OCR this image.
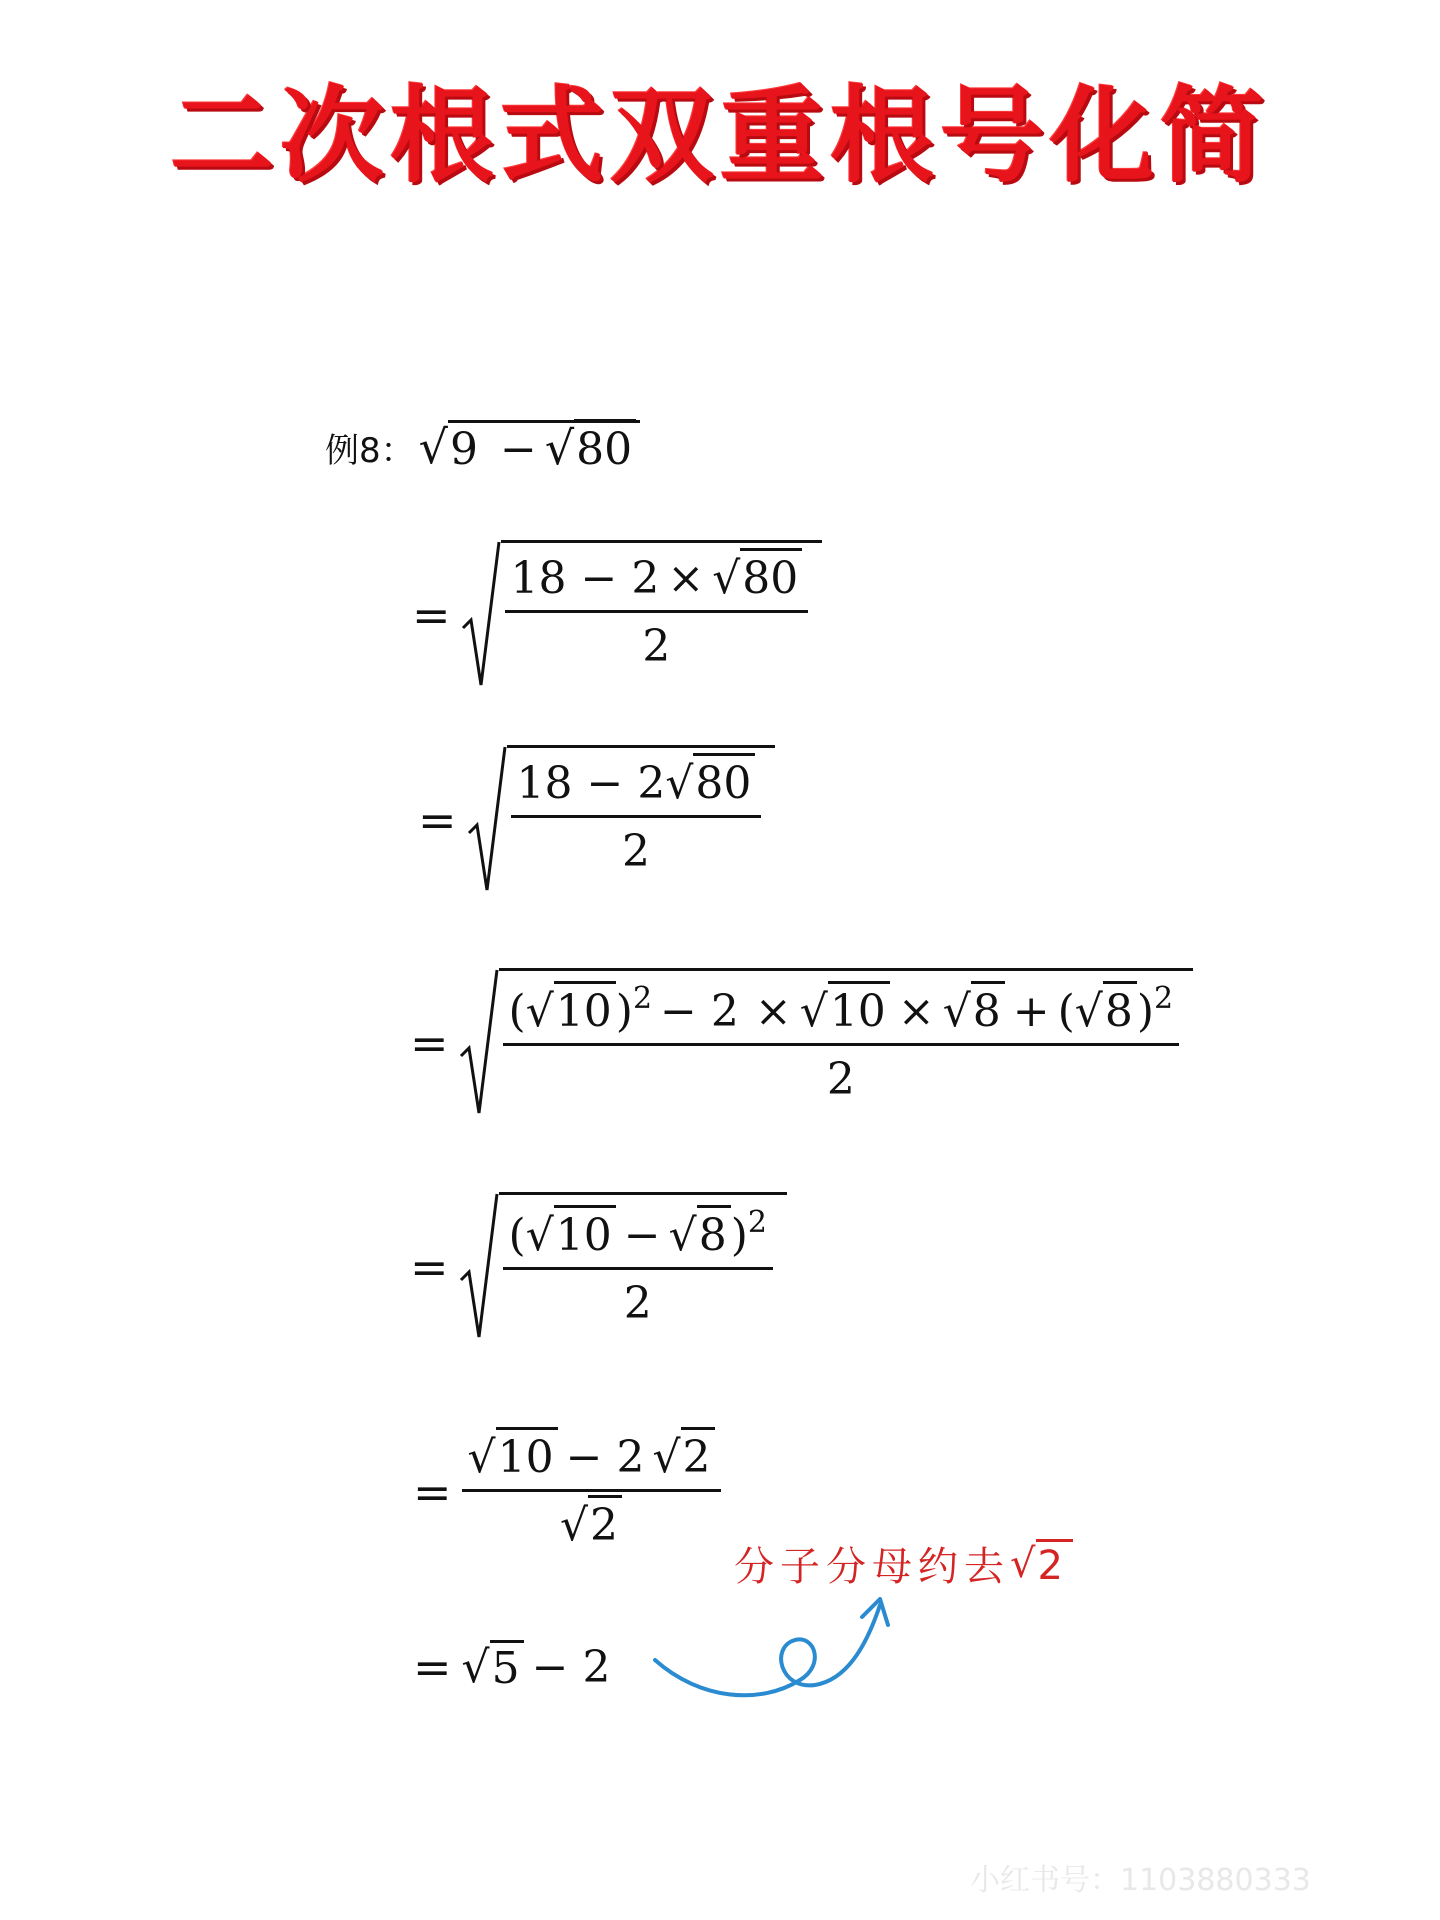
二次根式双重根号化简
例8： √ 9 − √80
= $\frac{18 - 2 \times √80}{2}$
= $\frac{18 - 2√80}{2}$
= $\frac{(√10)^2 - 2 \times √10 \times √8 + (√8)^2}{2}$
= $\frac{(√10 - √8)^2}{2}$
= $\frac{√10 - 2 √2}{√2}$
= √ 5 − 2
分子分母约去 √ 2
小红书号：1103880333
